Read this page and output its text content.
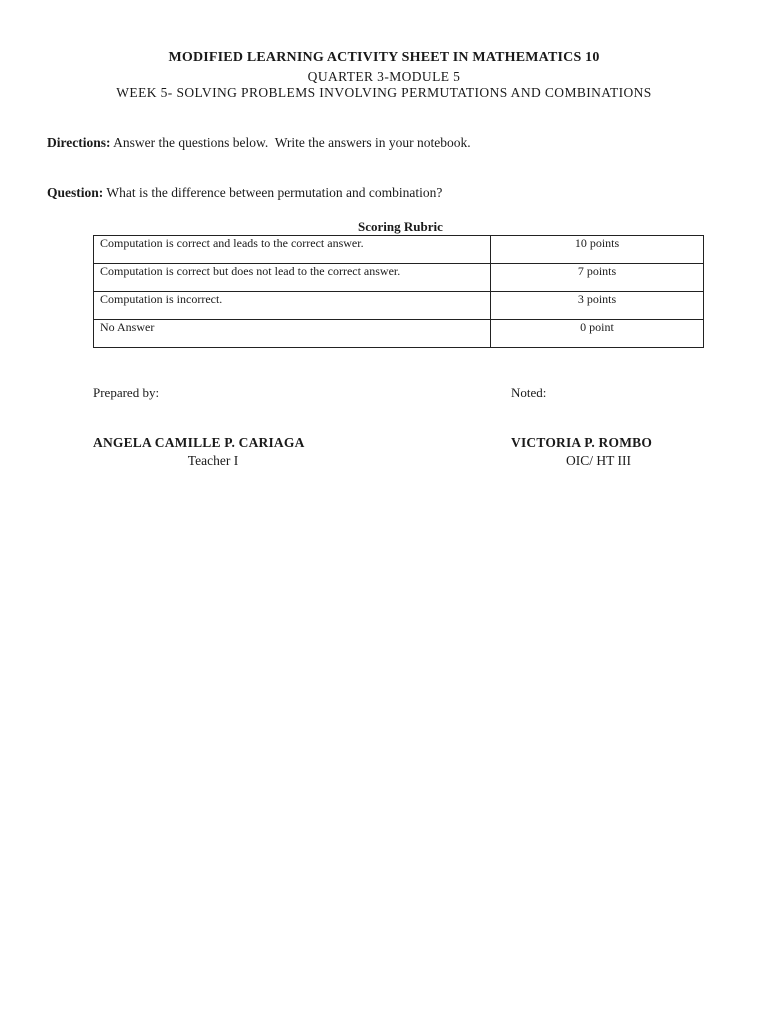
MODIFIED LEARNING ACTIVITY SHEET IN MATHEMATICS 10
QUARTER 3-MODULE 5
WEEK 5- SOLVING PROBLEMS INVOLVING PERMUTATIONS AND COMBINATIONS
Directions: Answer the questions below.  Write the answers in your notebook.
Question: What is the difference between permutation and combination?
Scoring Rubric
Computation is correct and leads to the correct answer.	10 points
Computation is correct but does not lead to the correct answer.	7 points
Computation is incorrect.	3 points
No Answer	0 point
Prepared by:	Noted:
ANGELA CAMILLE P. CARIAGA	VICTORIA P. ROMBO
Teacher I	OIC/ HT III
